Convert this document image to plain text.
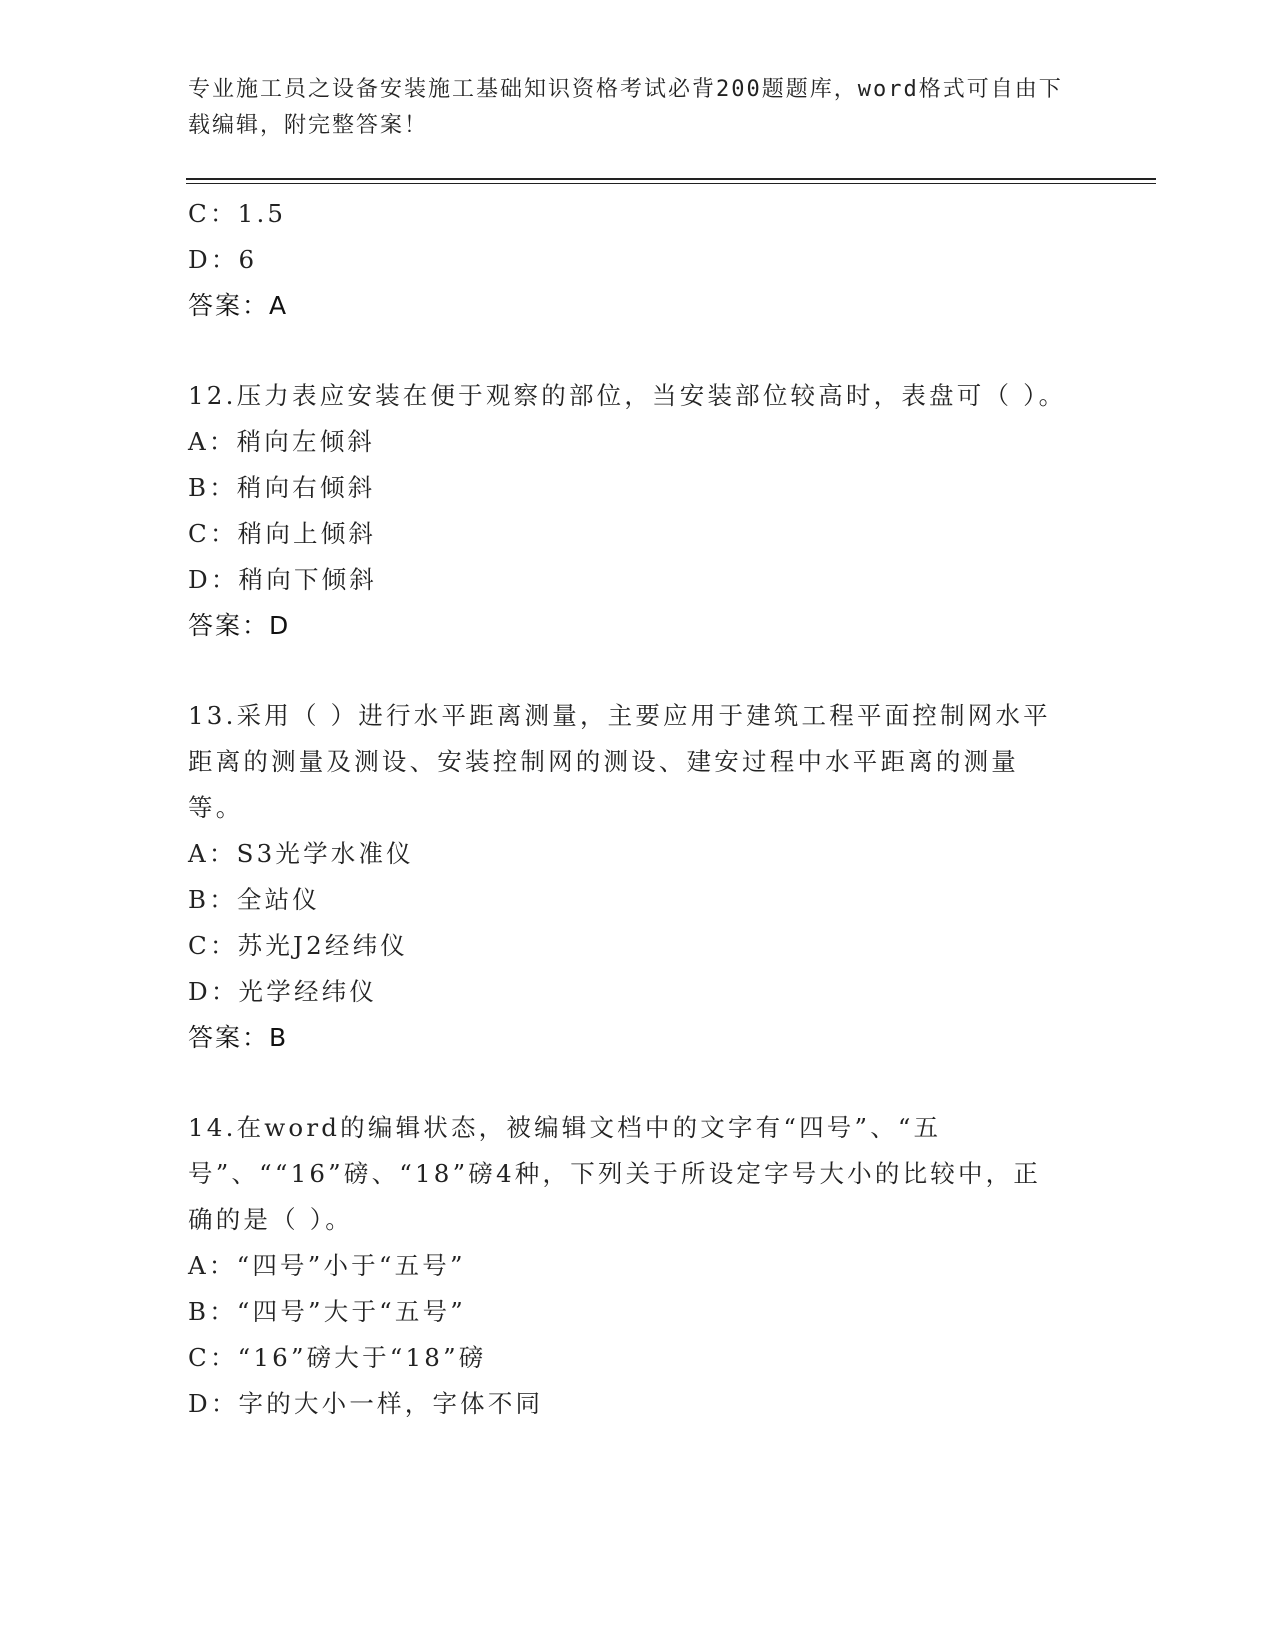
专业施工员之设备安装施工基础知识资格考试必背200题题库，word格式可自由下载编辑，附完整答案！
C：1.5
D：6
答案：A
12.压力表应安装在便于观察的部位，当安装部位较高时，表盘可（ ）。
A：稍向左倾斜
B：稍向右倾斜
C：稍向上倾斜
D：稍向下倾斜
答案：D
13.采用（ ）进行水平距离测量，主要应用于建筑工程平面控制网水平距离的测量及测设、安装控制网的测设、建安过程中水平距离的测量等。
A：S3光学水准仪
B：全站仪
C：苏光J2经纬仪
D：光学经纬仪
答案：B
14.在word的编辑状态，被编辑文档中的文字有“四号”、“五号”、““16”磅、“18”磅4种，下列关于所设定字号大小的比较中，正确的是（ ）。
A：“四号”小于“五号”
B：“四号”大于“五号”
C：“16”磅大于“18”磅
D：字的大小一样，字体不同
